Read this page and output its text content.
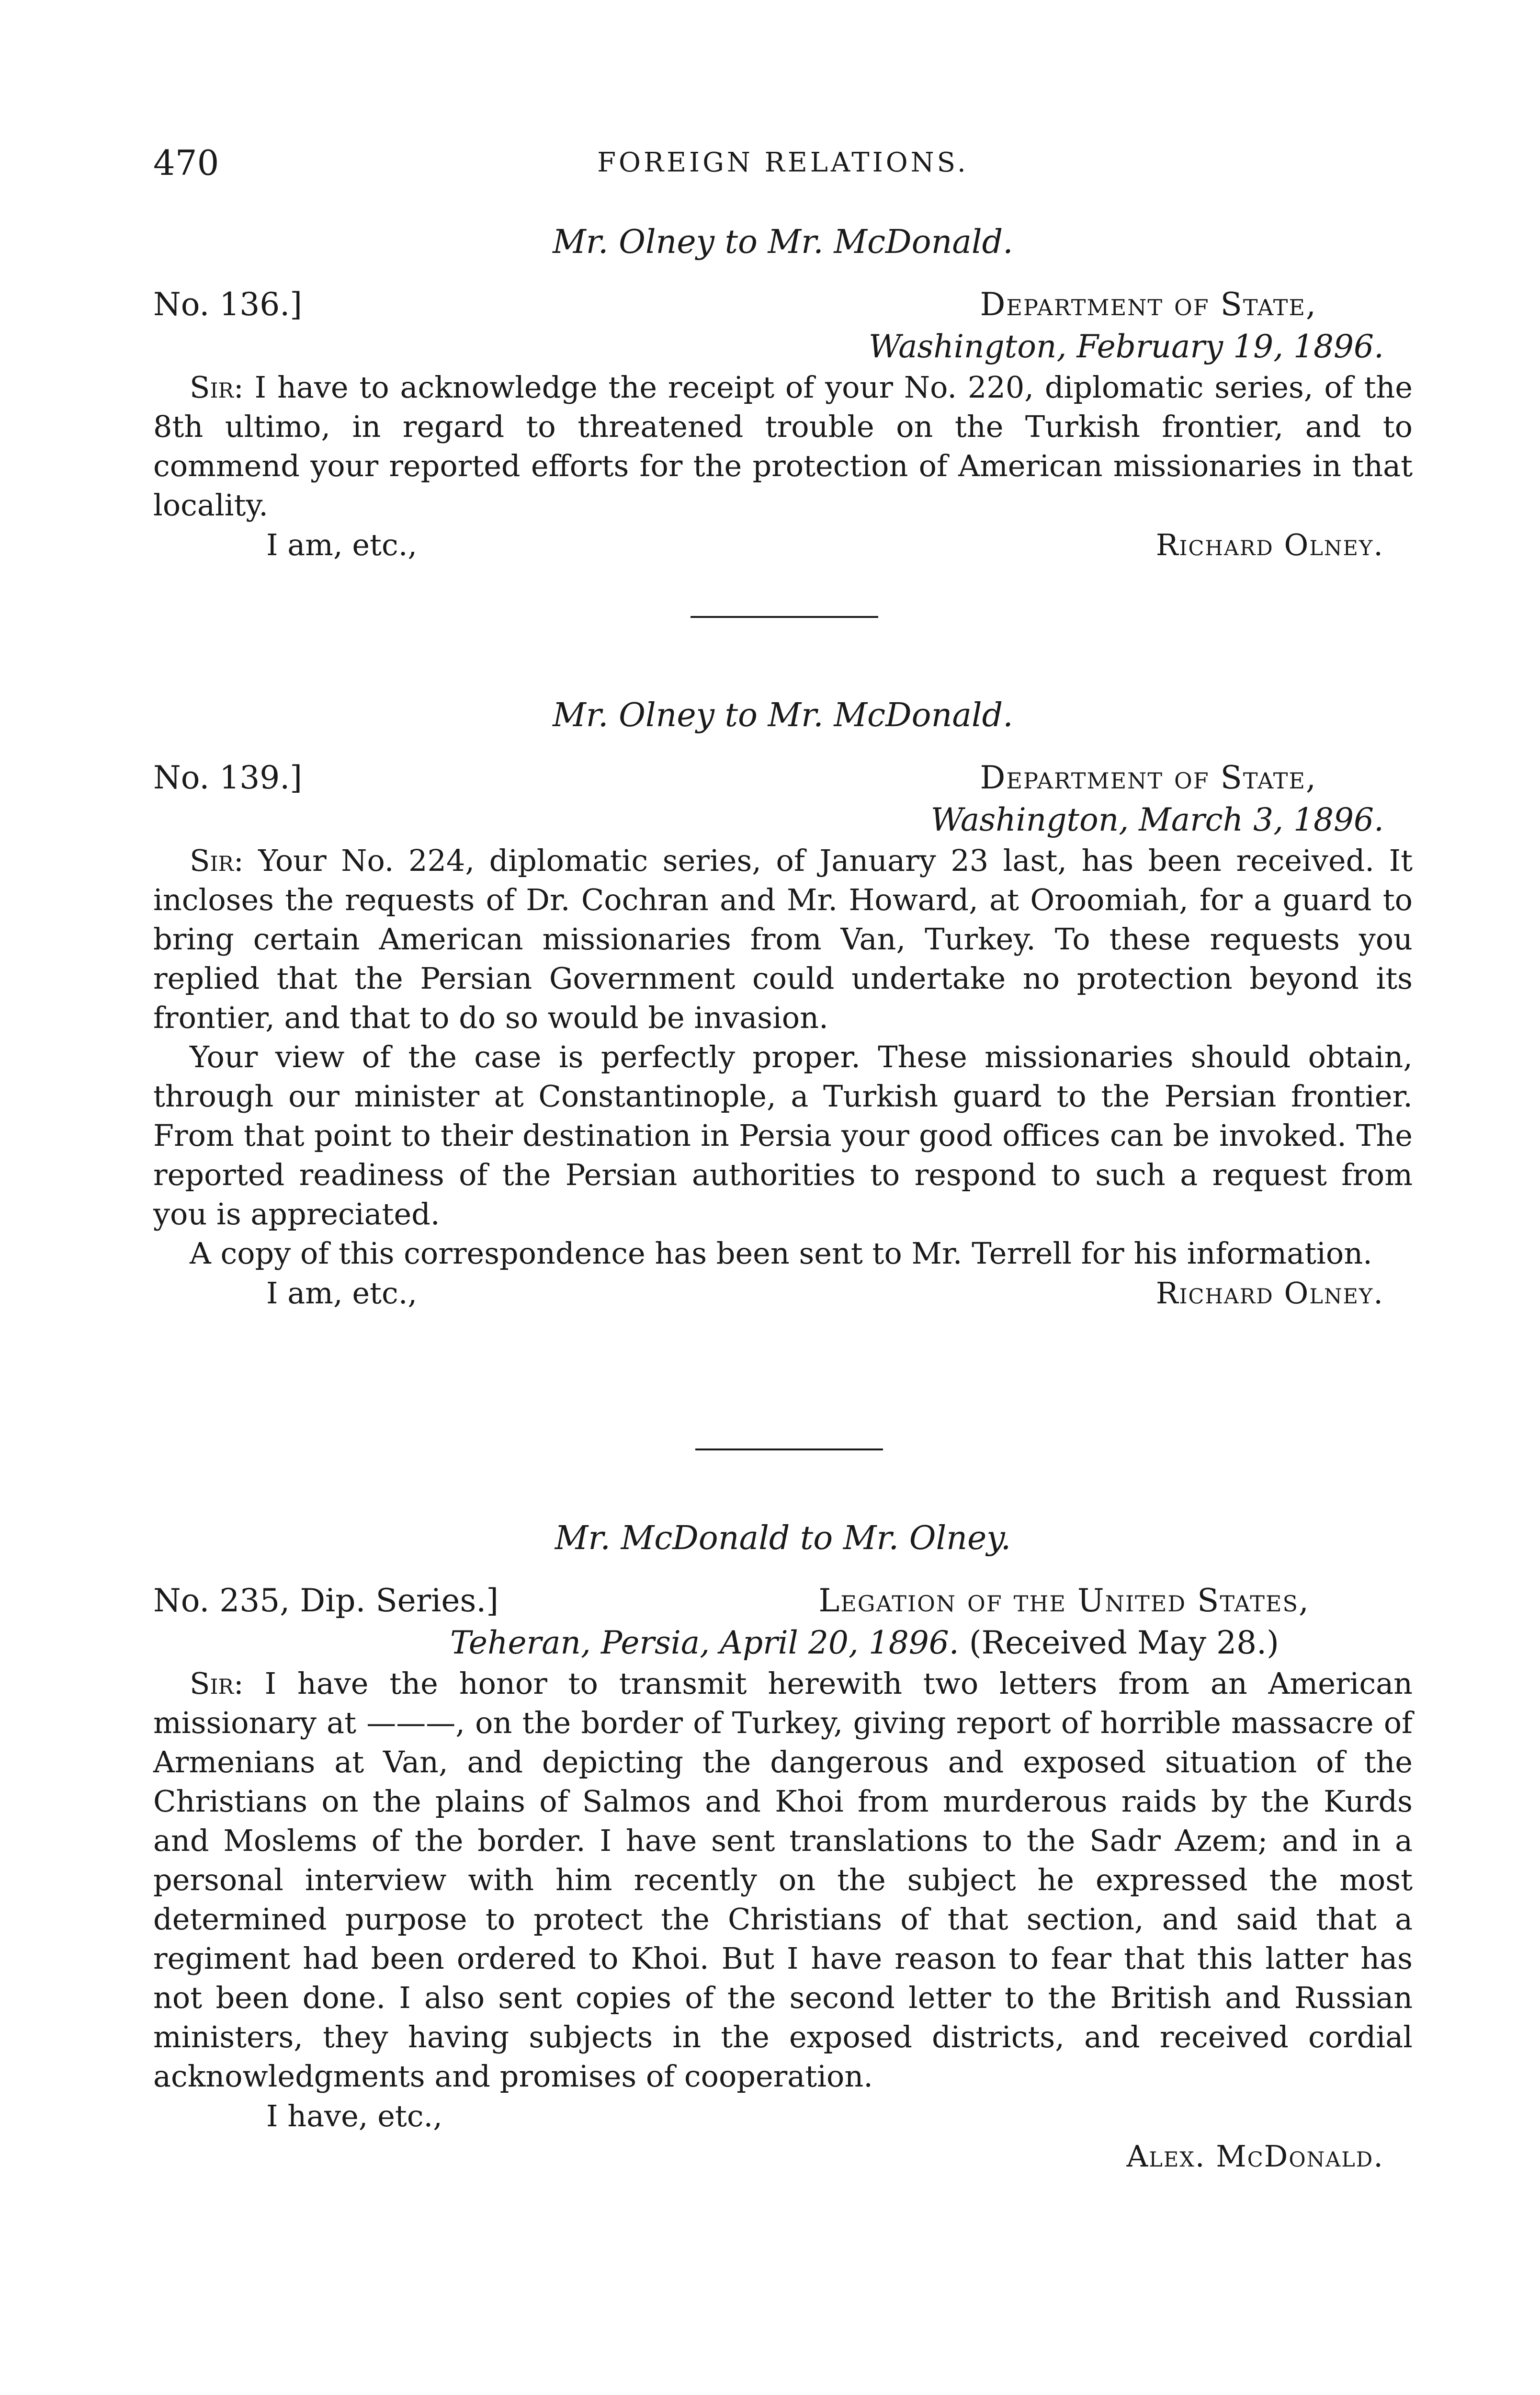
470	FOREIGN RELATIONS.

Mr. Olney to Mr. McDonald.

No. 136.]	Department of State,
Washington, February 19, 1896.

Sir: I have to acknowledge the receipt of your No. 220, diplomatic series, of the 8th ultimo, in regard to threatened trouble on the Turkish frontier, and to commend your reported efforts for the protection of American missionaries in that locality.

I am, etc.,	Richard Olney.

Mr. Olney to Mr. McDonald.

No. 139.]	Department of State,
Washington, March 3, 1896.

Sir: Your No. 224, diplomatic series, of January 23 last, has been received. It incloses the requests of Dr. Cochran and Mr. Howard, at Oroomiah, for a guard to bring certain American missionaries from Van, Turkey. To these requests you replied that the Persian Government could undertake no protection beyond its frontier, and that to do so would be invasion.

Your view of the case is perfectly proper. These missionaries should obtain, through our minister at Constantinople, a Turkish guard to the Persian frontier. From that point to their destination in Persia your good offices can be invoked. The reported readiness of the Persian authorities to respond to such a request from you is appreciated.

A copy of this correspondence has been sent to Mr. Terrell for his information.

I am, etc.,	Richard Olney.

Mr. McDonald to Mr. Olney.

No. 235, Dip. Series.]	Legation of the United States,
Teheran, Persia, April 20, 1896. (Received May 28.)

Sir: I have the honor to transmit herewith two letters from an American missionary at ———, on the border of Turkey, giving report of horrible massacre of Armenians at Van, and depicting the dangerous and exposed situation of the Christians on the plains of Salmos and Khoi from murderous raids by the Kurds and Moslems of the border. I have sent translations to the Sadr Azem; and in a personal interview with him recently on the subject he expressed the most determined purpose to protect the Christians of that section, and said that a regiment had been ordered to Khoi. But I have reason to fear that this latter has not been done. I also sent copies of the second letter to the British and Russian ministers, they having subjects in the exposed districts, and received cordial acknowledgments and promises of cooperation.

I have, etc.,
Alex. McDonald.
